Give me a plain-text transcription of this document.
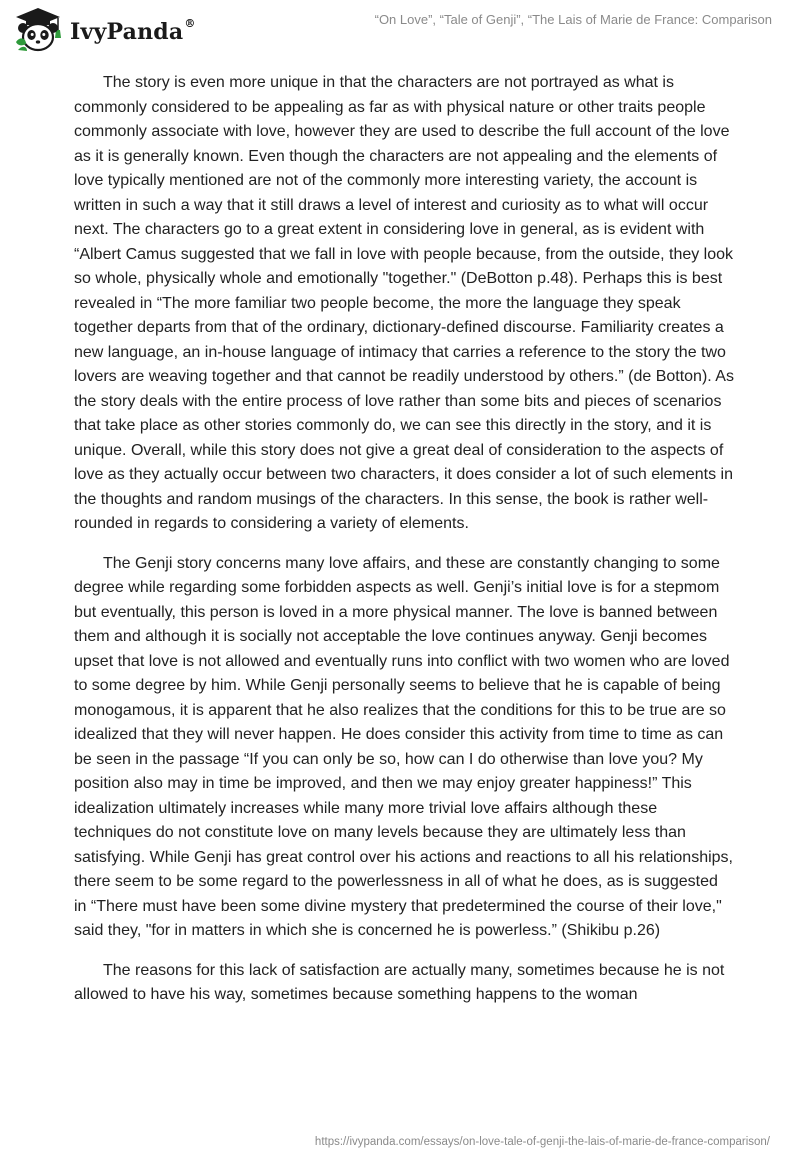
IvyPanda®	“On Love”, “Tale of Genji”, “The Lais of Marie de France: Comparison

The story is even more unique in that the characters are not portrayed as what is commonly considered to be appealing as far as with physical nature or other traits people commonly associate with love, however they are used to describe the full account of the love as it is generally known. Even though the characters are not appealing and the elements of love typically mentioned are not of the commonly more interesting variety, the account is written in such a way that it still draws a level of interest and curiosity as to what will occur next. The characters go to a great extent in considering love in general, as is evident with “Albert Camus suggested that we fall in love with people because, from the outside, they look so whole, physically whole and emotionally "together." (DeBotton p.48). Perhaps this is best revealed in “The more familiar two people become, the more the language they speak together departs from that of the ordinary, dictionary-defined discourse. Familiarity creates a new language, an in-house language of intimacy that carries a reference to the story the two lovers are weaving together and that cannot be readily understood by others.” (de Botton). As the story deals with the entire process of love rather than some bits and pieces of scenarios that take place as other stories commonly do, we can see this directly in the story, and it is unique. Overall, while this story does not give a great deal of consideration to the aspects of love as they actually occur between two characters, it does consider a lot of such elements in the thoughts and random musings of the characters. In this sense, the book is rather well-rounded in regards to considering a variety of elements.

The Genji story concerns many love affairs, and these are constantly changing to some degree while regarding some forbidden aspects as well. Genji’s initial love is for a stepmom but eventually, this person is loved in a more physical manner. The love is banned between them and although it is socially not acceptable the love continues anyway. Genji becomes upset that love is not allowed and eventually runs into conflict with two women who are loved to some degree by him. While Genji personally seems to believe that he is capable of being monogamous, it is apparent that he also realizes that the conditions for this to be true are so idealized that they will never happen. He does consider this activity from time to time as can be seen in the passage “If you can only be so, how can I do otherwise than love you? My position also may in time be improved, and then we may enjoy greater happiness!” This idealization ultimately increases while many more trivial love affairs although these techniques do not constitute love on many levels because they are ultimately less than satisfying. While Genji has great control over his actions and reactions to all his relationships, there seem to be some regard to the powerlessness in all of what he does, as is suggested in “There must have been some divine mystery that predetermined the course of their love," said they, "for in matters in which she is concerned he is powerless.” (Shikibu p.26)

The reasons for this lack of satisfaction are actually many, sometimes because he is not allowed to have his way, sometimes because something happens to the woman

https://ivypanda.com/essays/on-love-tale-of-genji-the-lais-of-marie-de-france-comparison/
